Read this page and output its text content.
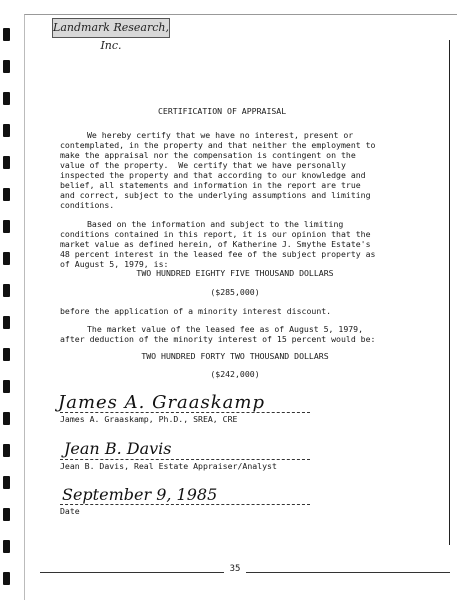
Landmark Research, Inc.
CERTIFICATION OF APPRAISAL
We hereby certify that we have no interest, present or
contemplated, in the property and that neither the employment to
make the appraisal nor the compensation is contingent on the
value of the property.  We certify that we have personally
inspected the property and that according to our knowledge and
belief, all statements and information in the report are true
and correct, subject to the underlying assumptions and limiting
conditions.
Based on the information and subject to the limiting
conditions contained in this report, it is our opinion that the
market value as defined herein, of Katherine J. Smythe Estate's
48 percent interest in the leased fee of the subject property as
of August 5, 1979, is:
TWO HUNDRED EIGHTY FIVE THOUSAND DOLLARS
($285,000)
before the application of a minority interest discount.
The market value of the leased fee as of August 5, 1979,
after deduction of the minority interest of 15 percent would be:
TWO HUNDRED FORTY TWO THOUSAND DOLLARS
($242,000)
James A. Graaskamp
James A. Graaskamp, Ph.D., SREA, CRE
Jean B. Davis
Jean B. Davis, Real Estate Appraiser/Analyst
September 9, 1985
Date
35
